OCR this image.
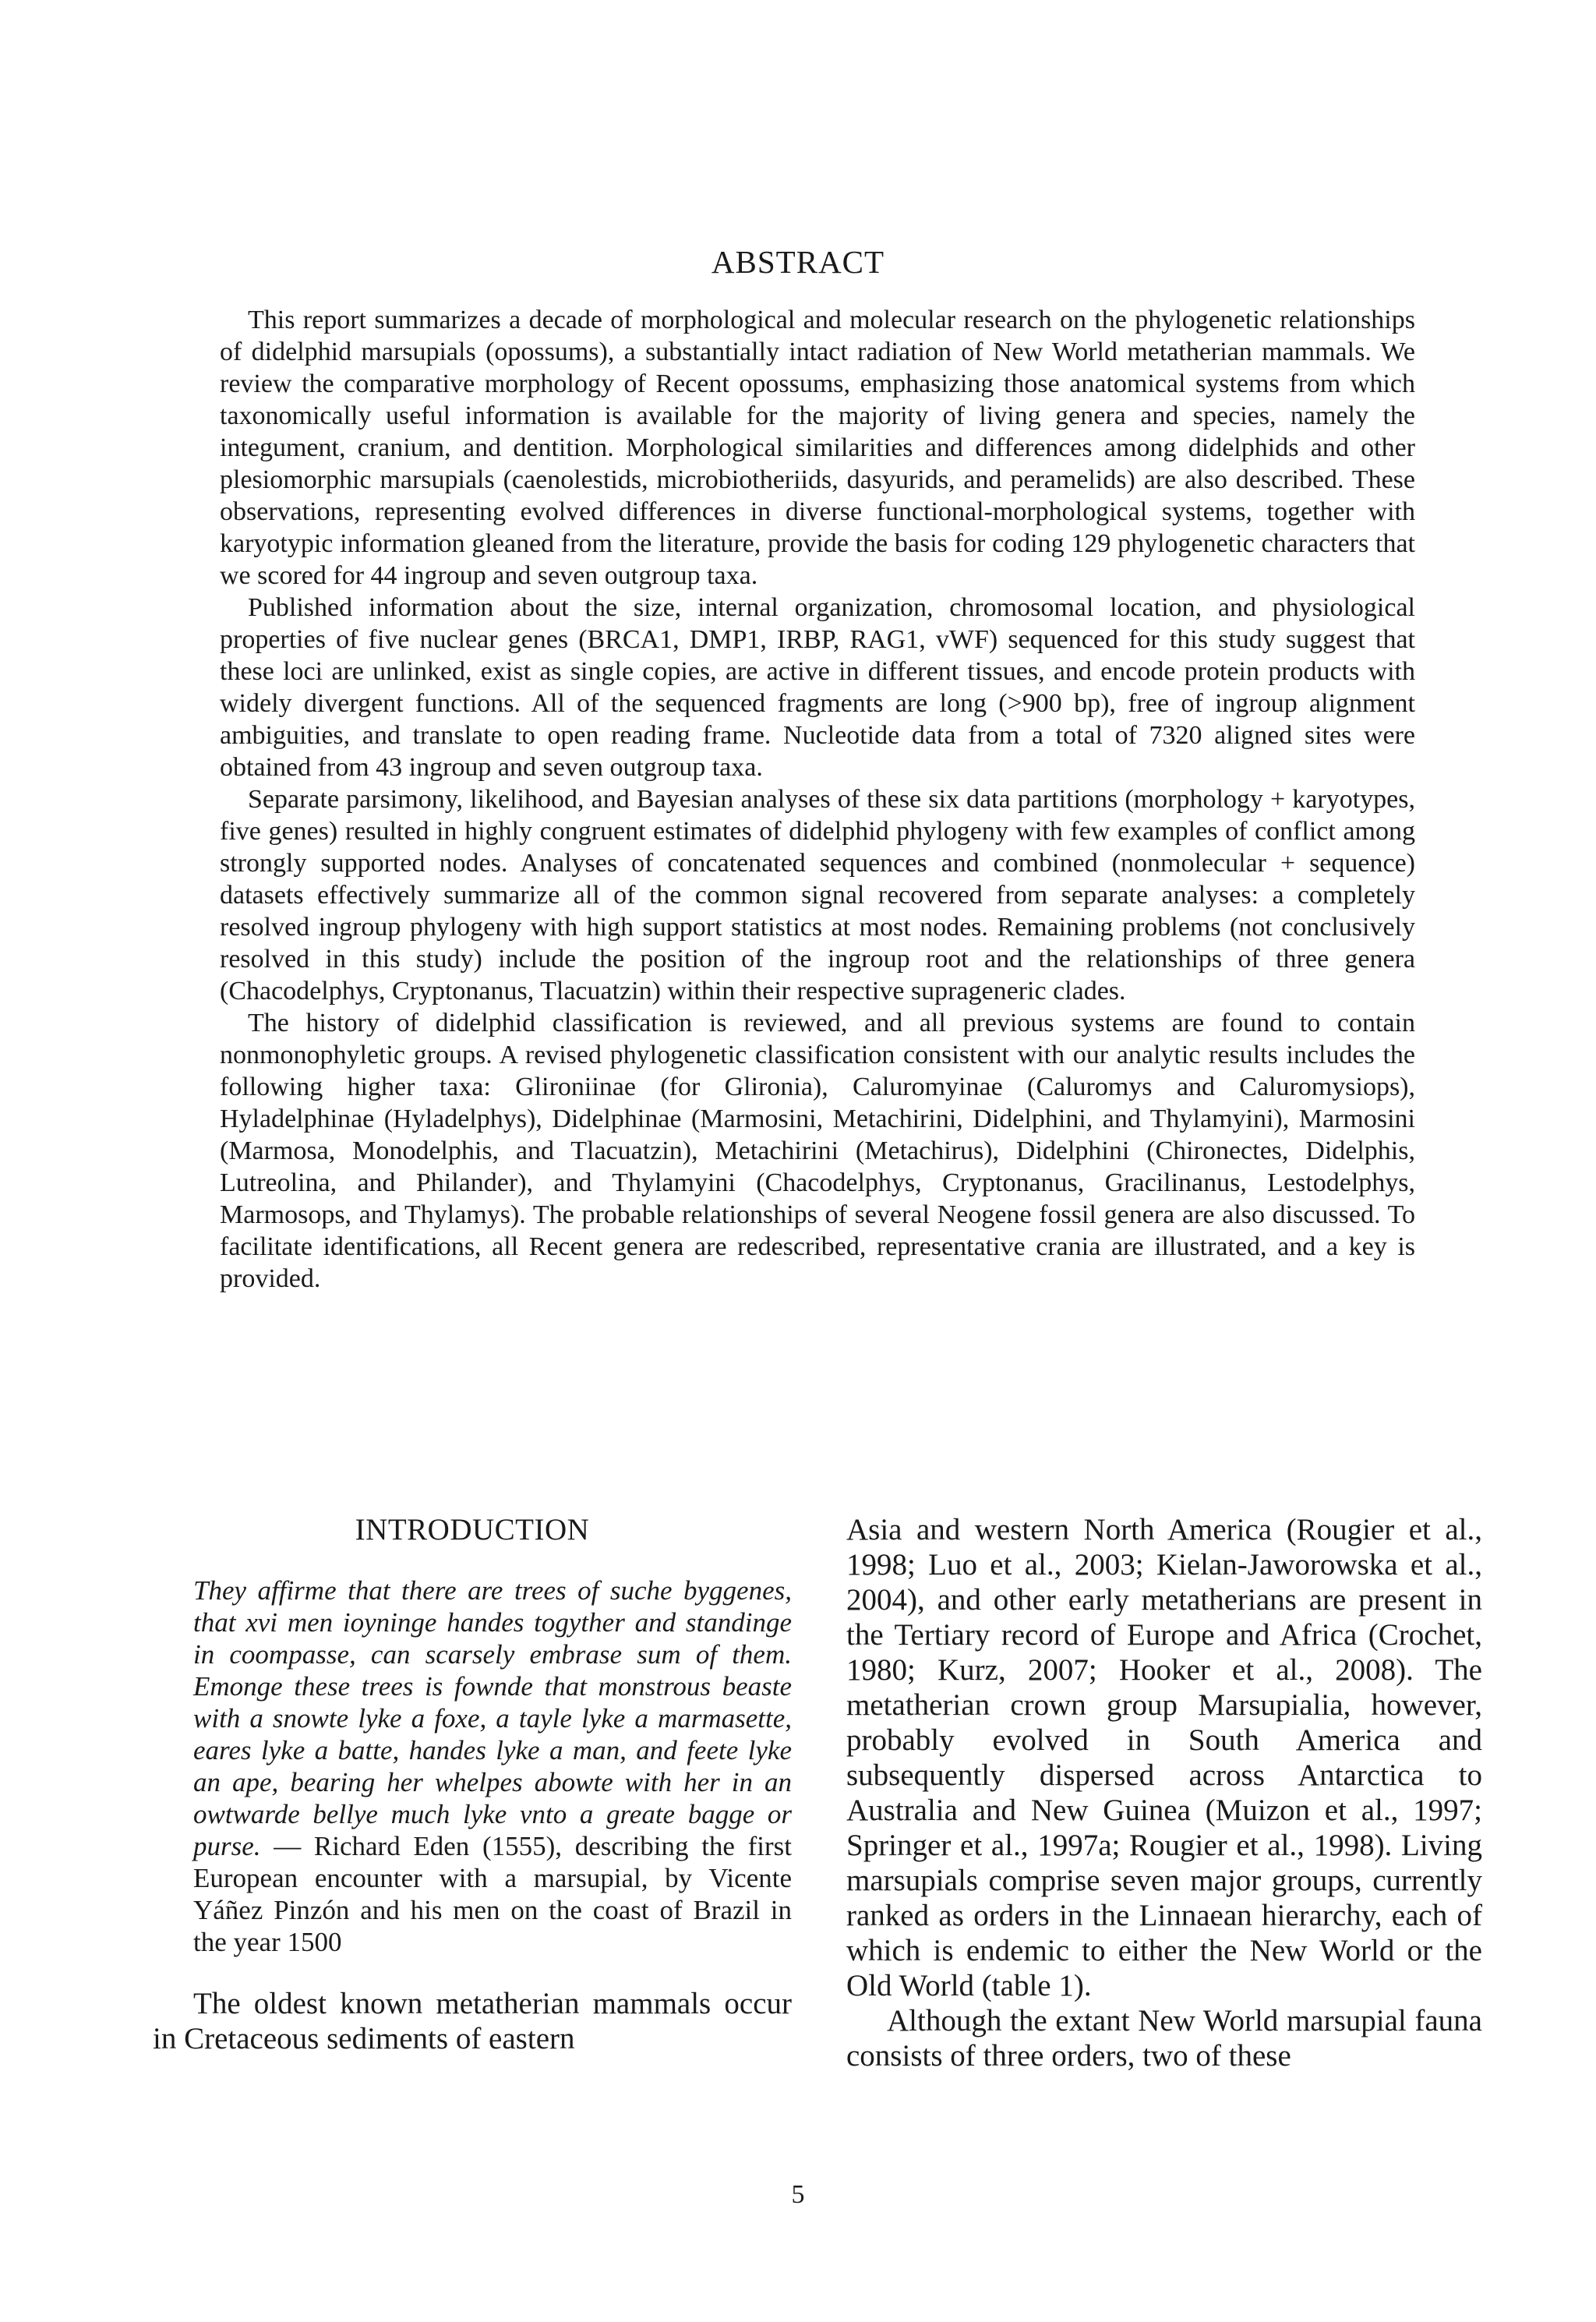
ABSTRACT

This report summarizes a decade of morphological and molecular research on the phylogenetic relationships of didelphid marsupials (opossums), a substantially intact radiation of New World metatherian mammals. We review the comparative morphology of Recent opossums, emphasizing those anatomical systems from which taxonomically useful information is available for the majority of living genera and species, namely the integument, cranium, and dentition. Morphological similarities and differences among didelphids and other plesiomorphic marsupials (caenolestids, microbiotheriids, dasyurids, and peramelids) are also described. These observations, representing evolved differences in diverse functional-morphological systems, together with karyotypic information gleaned from the literature, provide the basis for coding 129 phylogenetic characters that we scored for 44 ingroup and seven outgroup taxa.

Published information about the size, internal organization, chromosomal location, and physiological properties of five nuclear genes (BRCA1, DMP1, IRBP, RAG1, vWF) sequenced for this study suggest that these loci are unlinked, exist as single copies, are active in different tissues, and encode protein products with widely divergent functions. All of the sequenced fragments are long (>900 bp), free of ingroup alignment ambiguities, and translate to open reading frame. Nucleotide data from a total of 7320 aligned sites were obtained from 43 ingroup and seven outgroup taxa.

Separate parsimony, likelihood, and Bayesian analyses of these six data partitions (morphology + karyotypes, five genes) resulted in highly congruent estimates of didelphid phylogeny with few examples of conflict among strongly supported nodes. Analyses of concatenated sequences and combined (nonmolecular + sequence) datasets effectively summarize all of the common signal recovered from separate analyses: a completely resolved ingroup phylogeny with high support statistics at most nodes. Remaining problems (not conclusively resolved in this study) include the position of the ingroup root and the relationships of three genera (Chacodelphys, Cryptonanus, Tlacuatzin) within their respective suprageneric clades.

The history of didelphid classification is reviewed, and all previous systems are found to contain nonmonophyletic groups. A revised phylogenetic classification consistent with our analytic results includes the following higher taxa: Glironiinae (for Glironia), Caluromyinae (Caluromys and Caluromysiops), Hyladelphinae (Hyladelphys), Didelphinae (Marmosini, Metachirini, Didelphini, and Thylamyini), Marmosini (Marmosa, Monodelphis, and Tlacuatzin), Metachirini (Metachirus), Didelphini (Chironectes, Didelphis, Lutreolina, and Philander), and Thylamyini (Chacodelphys, Cryptonanus, Gracilinanus, Lestodelphys, Marmosops, and Thylamys). The probable relationships of several Neogene fossil genera are also discussed. To facilitate identifications, all Recent genera are redescribed, representative crania are illustrated, and a key is provided.

INTRODUCTION
They affirme that there are trees of suche byggenes, that xvi men ioyninge handes togyther and standinge in coompasse, can scarsely embrase sum of them. Emonge these trees is fownde that monstrous beaste with a snowte lyke a foxe, a tayle lyke a marmasette, eares lyke a batte, handes lyke a man, and feete lyke an ape, bearing her whelpes abowte with her in an owtwarde bellye much lyke vnto a greate bagge or purse. — Richard Eden (1555), describing the first European encounter with a marsupial, by Vicente Yáñez Pinzón and his men on the coast of Brazil in the year 1500

The oldest known metatherian mammals occur in Cretaceous sediments of eastern

Asia and western North America (Rougier et al., 1998; Luo et al., 2003; Kielan-Jaworowska et al., 2004), and other early metatherians are present in the Tertiary record of Europe and Africa (Crochet, 1980; Kurz, 2007; Hooker et al., 2008). The metatherian crown group Marsupialia, however, probably evolved in South America and subsequently dispersed across Antarctica to Australia and New Guinea (Muizon et al., 1997; Springer et al., 1997a; Rougier et al., 1998). Living marsupials comprise seven major groups, currently ranked as orders in the Linnaean hierarchy, each of which is endemic to either the New World or the Old World (table 1).

Although the extant New World marsupial fauna consists of three orders, two of these

5
